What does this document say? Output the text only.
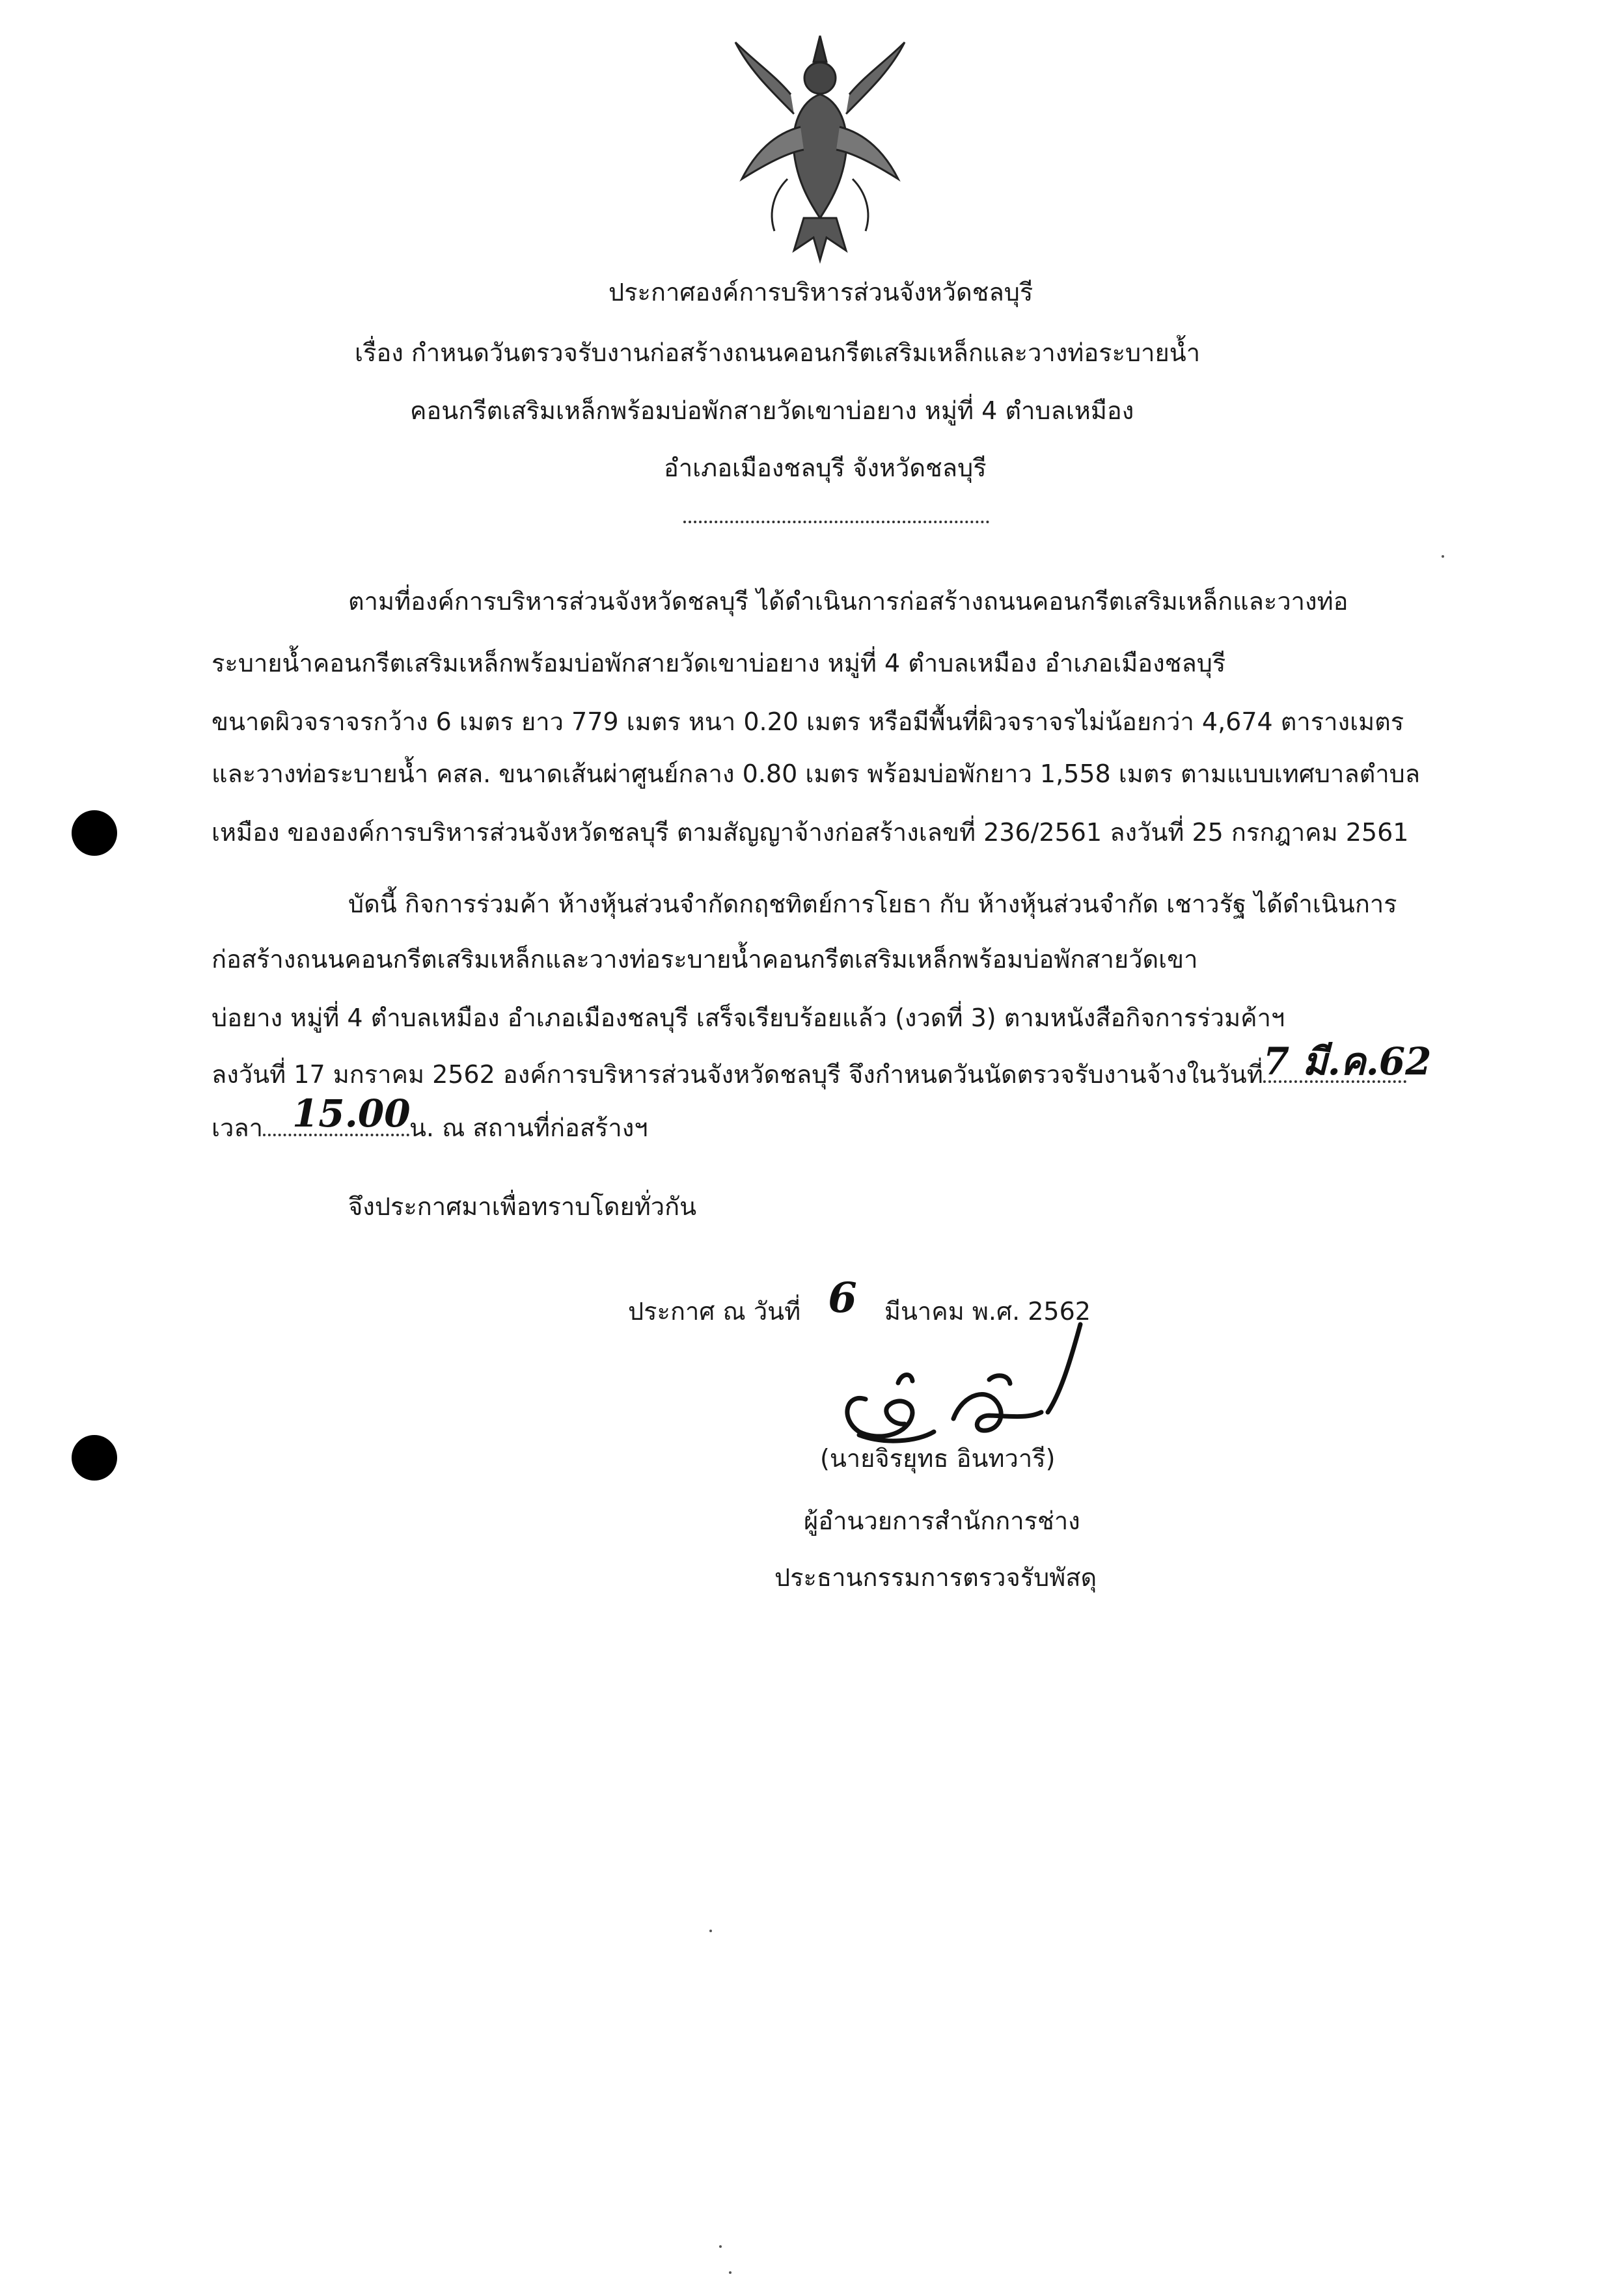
ประกาศองค์การบริหารส่วนจังหวัดชลบุรี
เรื่อง กำหนดวันตรวจรับงานก่อสร้างถนนคอนกรีตเสริมเหล็กและวางท่อระบายน้ำ
คอนกรีตเสริมเหล็กพร้อมบ่อพักสายวัดเขาบ่อยาง หมู่ที่ 4 ตำบลเหมือง
อำเภอเมืองชลบุรี จังหวัดชลบุรี
ตามที่องค์การบริหารส่วนจังหวัดชลบุรี ได้ดำเนินการก่อสร้างถนนคอนกรีตเสริมเหล็กและวางท่อ
ระบายน้ำคอนกรีตเสริมเหล็กพร้อมบ่อพักสายวัดเขาบ่อยาง หมู่ที่ 4 ตำบลเหมือง อำเภอเมืองชลบุรี
ขนาดผิวจราจรกว้าง 6 เมตร ยาว 779 เมตร หนา 0.20 เมตร หรือมีพื้นที่ผิวจราจรไม่น้อยกว่า 4,674 ตารางเมตร
และวางท่อระบายน้ำ คสล. ขนาดเส้นผ่าศูนย์กลาง 0.80 เมตร พร้อมบ่อพักยาว 1,558 เมตร ตามแบบเทศบาลตำบล
เหมือง ขององค์การบริหารส่วนจังหวัดชลบุรี ตามสัญญาจ้างก่อสร้างเลขที่ 236/2561 ลงวันที่ 25 กรกฎาคม 2561
บัดนี้ กิจการร่วมค้า ห้างหุ้นส่วนจำกัดกฤชทิตย์การโยธา กับ ห้างหุ้นส่วนจำกัด เชาวรัฐ ได้ดำเนินการ
ก่อสร้างถนนคอนกรีตเสริมเหล็กและวางท่อระบายน้ำคอนกรีตเสริมเหล็กพร้อมบ่อพักสายวัดเขา
บ่อยาง หมู่ที่ 4 ตำบลเหมือง อำเภอเมืองชลบุรี เสร็จเรียบร้อยแล้ว (งวดที่ 3) ตามหนังสือกิจการร่วมค้าฯ
ลงวันที่ 17 มกราคม 2562 องค์การบริหารส่วนจังหวัดชลบุรี จึงกำหนดวันนัดตรวจรับงานจ้างในวันที่ 7 มี.ค.62
เวลา 15.00
น. ณ สถานที่ก่อสร้างฯ
จึงประกาศมาเพื่อทราบโดยทั่วกัน
ประกาศ ณ วันที่ 6 มีนาคม พ.ศ. 2562
(นายจิรยุทธ อินทวารี)
ผู้อำนวยการสำนักการช่าง
ประธานกรรมการตรวจรับพัสดุ
